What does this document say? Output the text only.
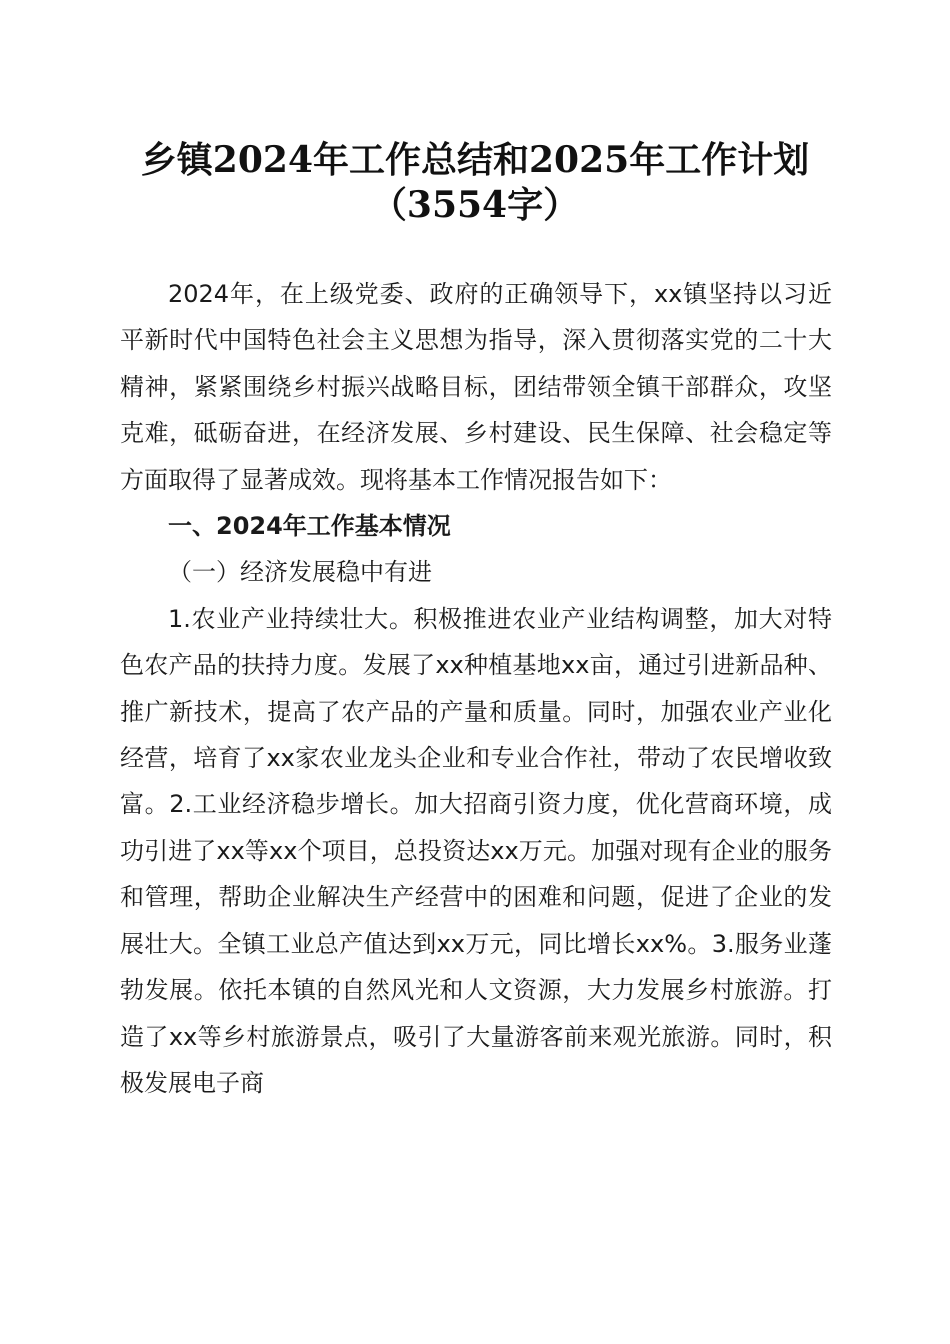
乡镇2024年工作总结和2025年工作计划
（3554字）

2024年，在上级党委、政府的正确领导下，xx镇坚持以习近平新时代中国特色社会主义思想为指导，深入贯彻落实党的二十大精神，紧紧围绕乡村振兴战略目标，团结带领全镇干部群众，攻坚克难，砥砺奋进，在经济发展、乡村建设、民生保障、社会稳定等方面取得了显著成效。现将基本工作情况报告如下：

一、2024年工作基本情况

（一）经济发展稳中有进

1.农业产业持续壮大。积极推进农业产业结构调整，加大对特色农产品的扶持力度。发展了xx种植基地xx亩，通过引进新品种、推广新技术，提高了农产品的产量和质量。同时，加强农业产业化经营，培育了xx家农业龙头企业和专业合作社，带动了农民增收致富。2.工业经济稳步增长。加大招商引资力度，优化营商环境，成功引进了xx等xx个项目，总投资达xx万元。加强对现有企业的服务和管理，帮助企业解决生产经营中的困难和问题，促进了企业的发展壮大。全镇工业总产值达到xx万元，同比增长xx%。3.服务业蓬勃发展。依托本镇的自然风光和人文资源，大力发展乡村旅游。打造了xx等乡村旅游景点，吸引了大量游客前来观光旅游。同时，积极发展电子商
